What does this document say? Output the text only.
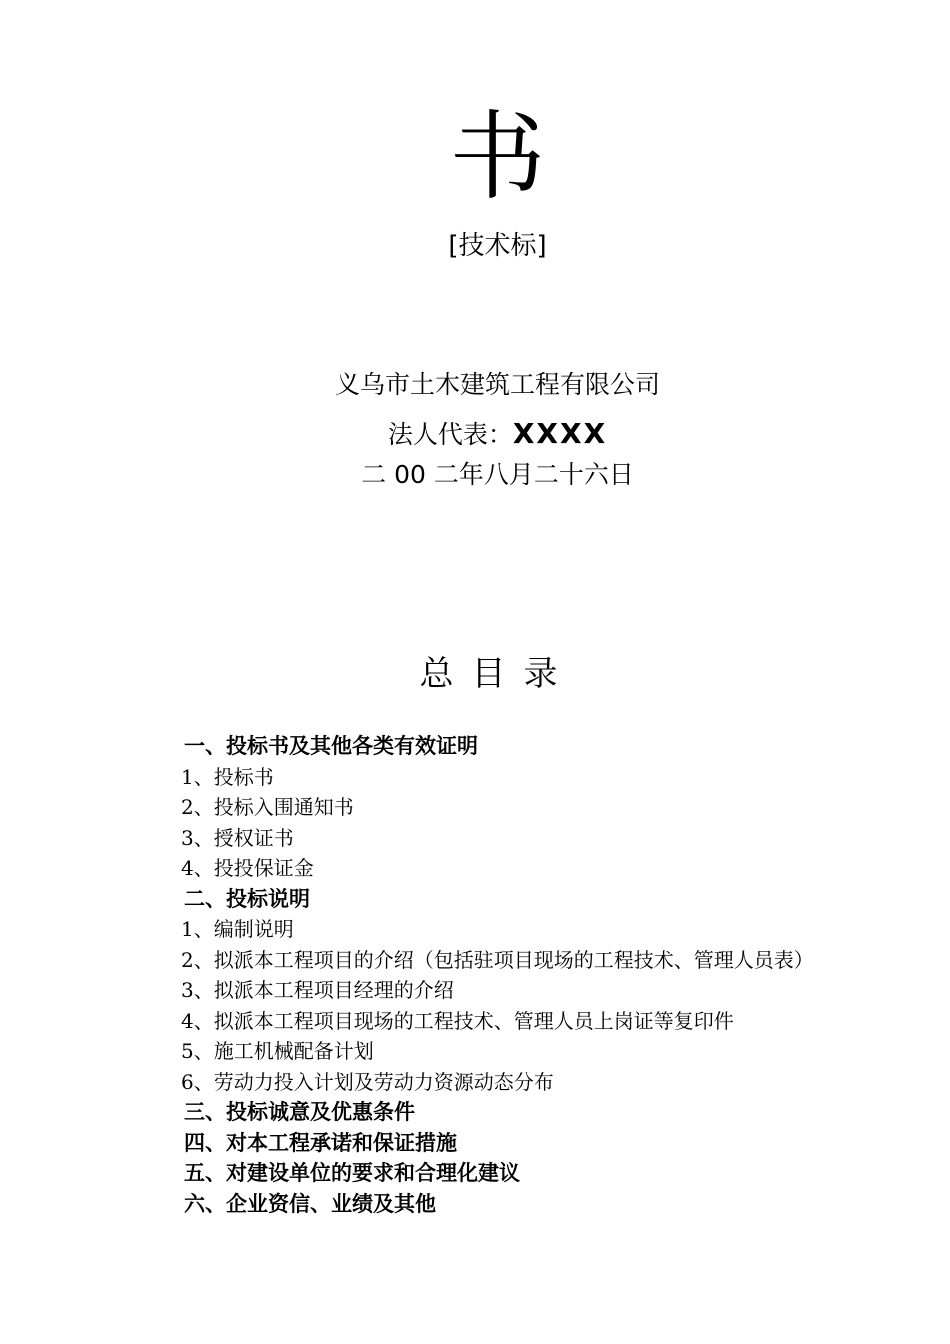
书
[技术标]
义乌市土木建筑工程有限公司
法人代表：XXXX
二 00 二年八月二十六日
总目录
一、投标书及其他各类有效证明
1、投标书
2、投标入围通知书
3、授权证书
4、投投保证金
二、投标说明
1、编制说明
2、拟派本工程项目的介绍（包括驻项目现场的工程技术、管理人员表）
3、拟派本工程项目经理的介绍
4、拟派本工程项目现场的工程技术、管理人员上岗证等复印件
5、施工机械配备计划
6、劳动力投入计划及劳动力资源动态分布
三、投标诚意及优惠条件
四、对本工程承诺和保证措施
五、对建设单位的要求和合理化建议
六、企业资信、业绩及其他
